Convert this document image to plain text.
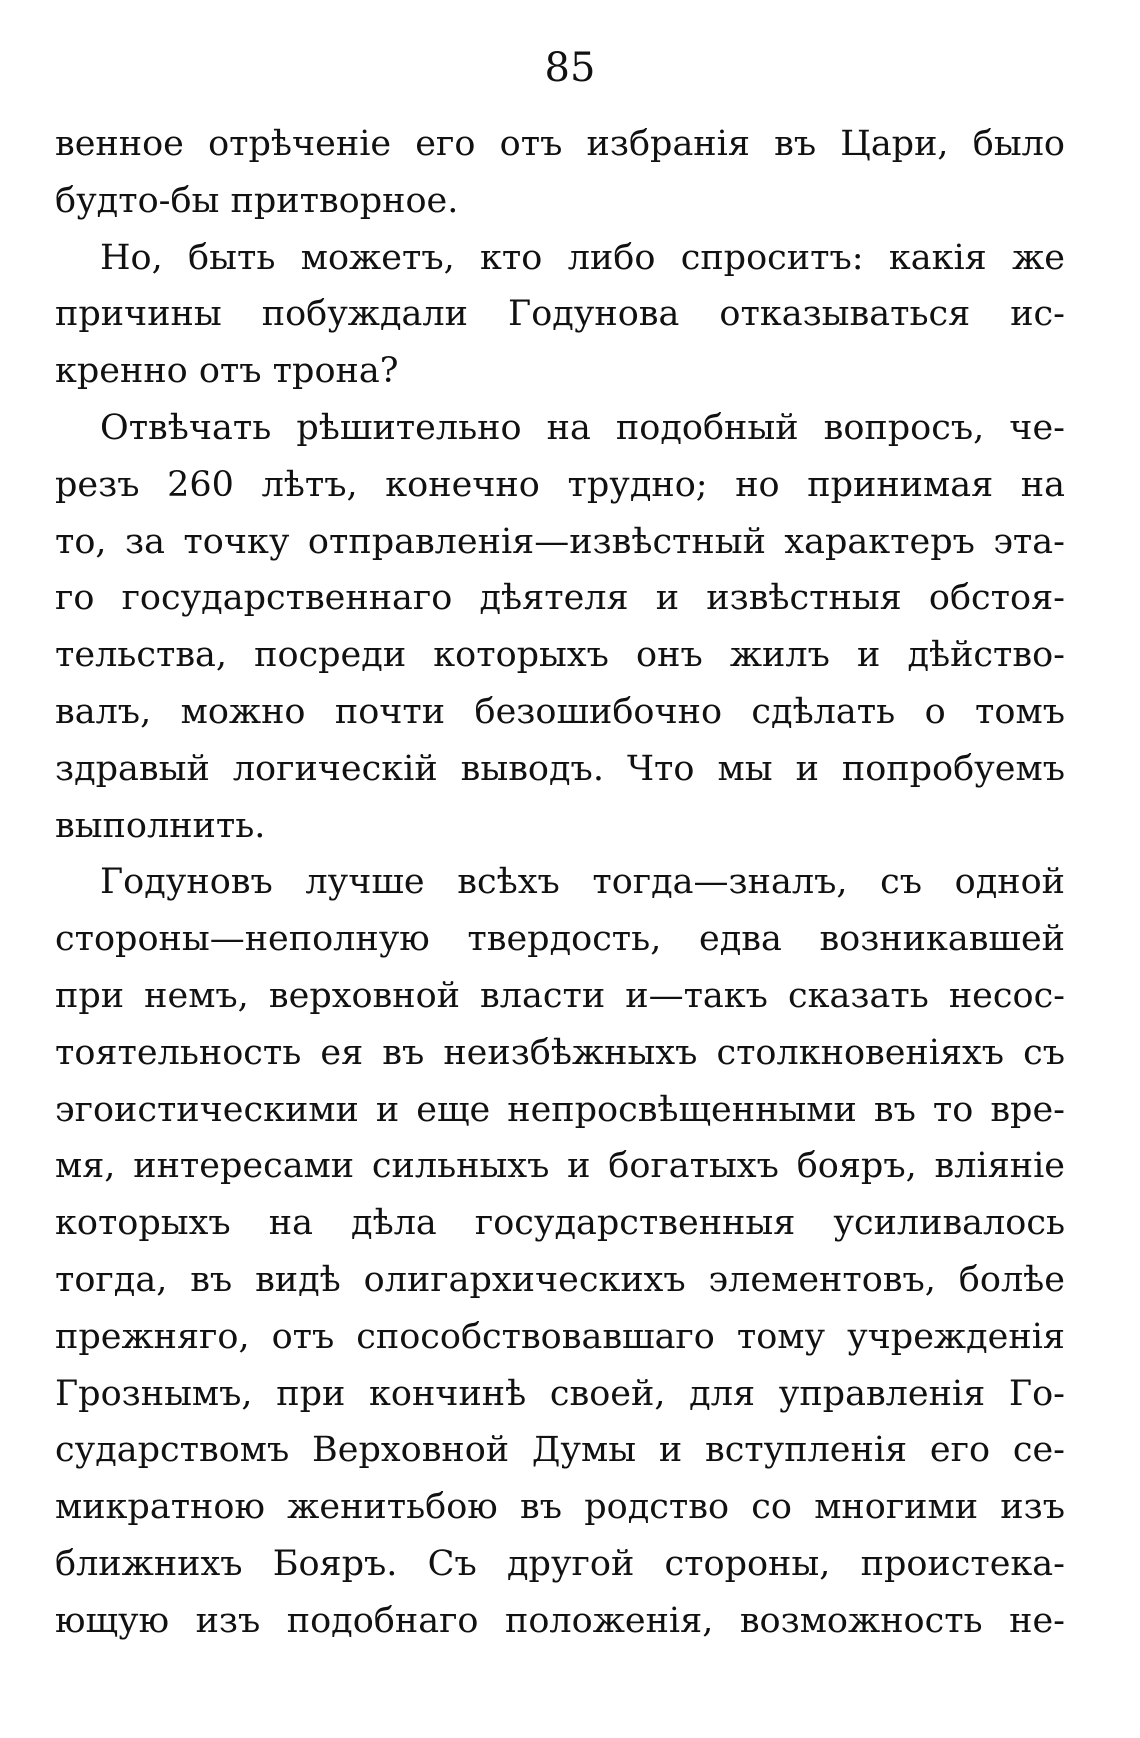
85
венное отрѣченіе его отъ избранія въ Цари, было
будто-бы притворное.
Но, быть можетъ, кто либо спроситъ: какія же
причины побуждали Годунова отказываться ис-
кренно отъ трона?
Отвѣчать рѣшительно на подобный вопросъ, че-
резъ 260 лѣтъ, конечно трудно; но принимая на
то, за точку отправленія—извѣстный характеръ эта-
го государственнаго дѣятеля и извѣстныя обстоя-
тельства, посреди которыхъ онъ жилъ и дѣйство-
валъ, можно почти безошибочно сдѣлать о томъ
здравый логическій выводъ. Что мы и попробуемъ
выполнить.
Годуновъ лучше всѣхъ тогда—зналъ, съ одной
стороны—неполную твердость, едва возникавшей
при немъ, верховной власти и—такъ сказать несос-
тоятельность ея въ неизбѣжныхъ столкновеніяхъ съ
эгоистическими и еще непросвѣщенными въ то вре-
мя, интересами сильныхъ и богатыхъ бояръ, вліяніе
которыхъ на дѣла государственныя усиливалось
тогда, въ видѣ олигархическихъ элементовъ, болѣе
прежняго, отъ способствовавшаго тому учрежденія
Грознымъ, при кончинѣ своей, для управленія Го-
сударствомъ Верховной Думы и вступленія его се-
микратною женитьбою въ родство со многими изъ
ближнихъ Бояръ. Съ другой стороны, проистека-
ющую изъ подобнаго положенія, возможность не-
